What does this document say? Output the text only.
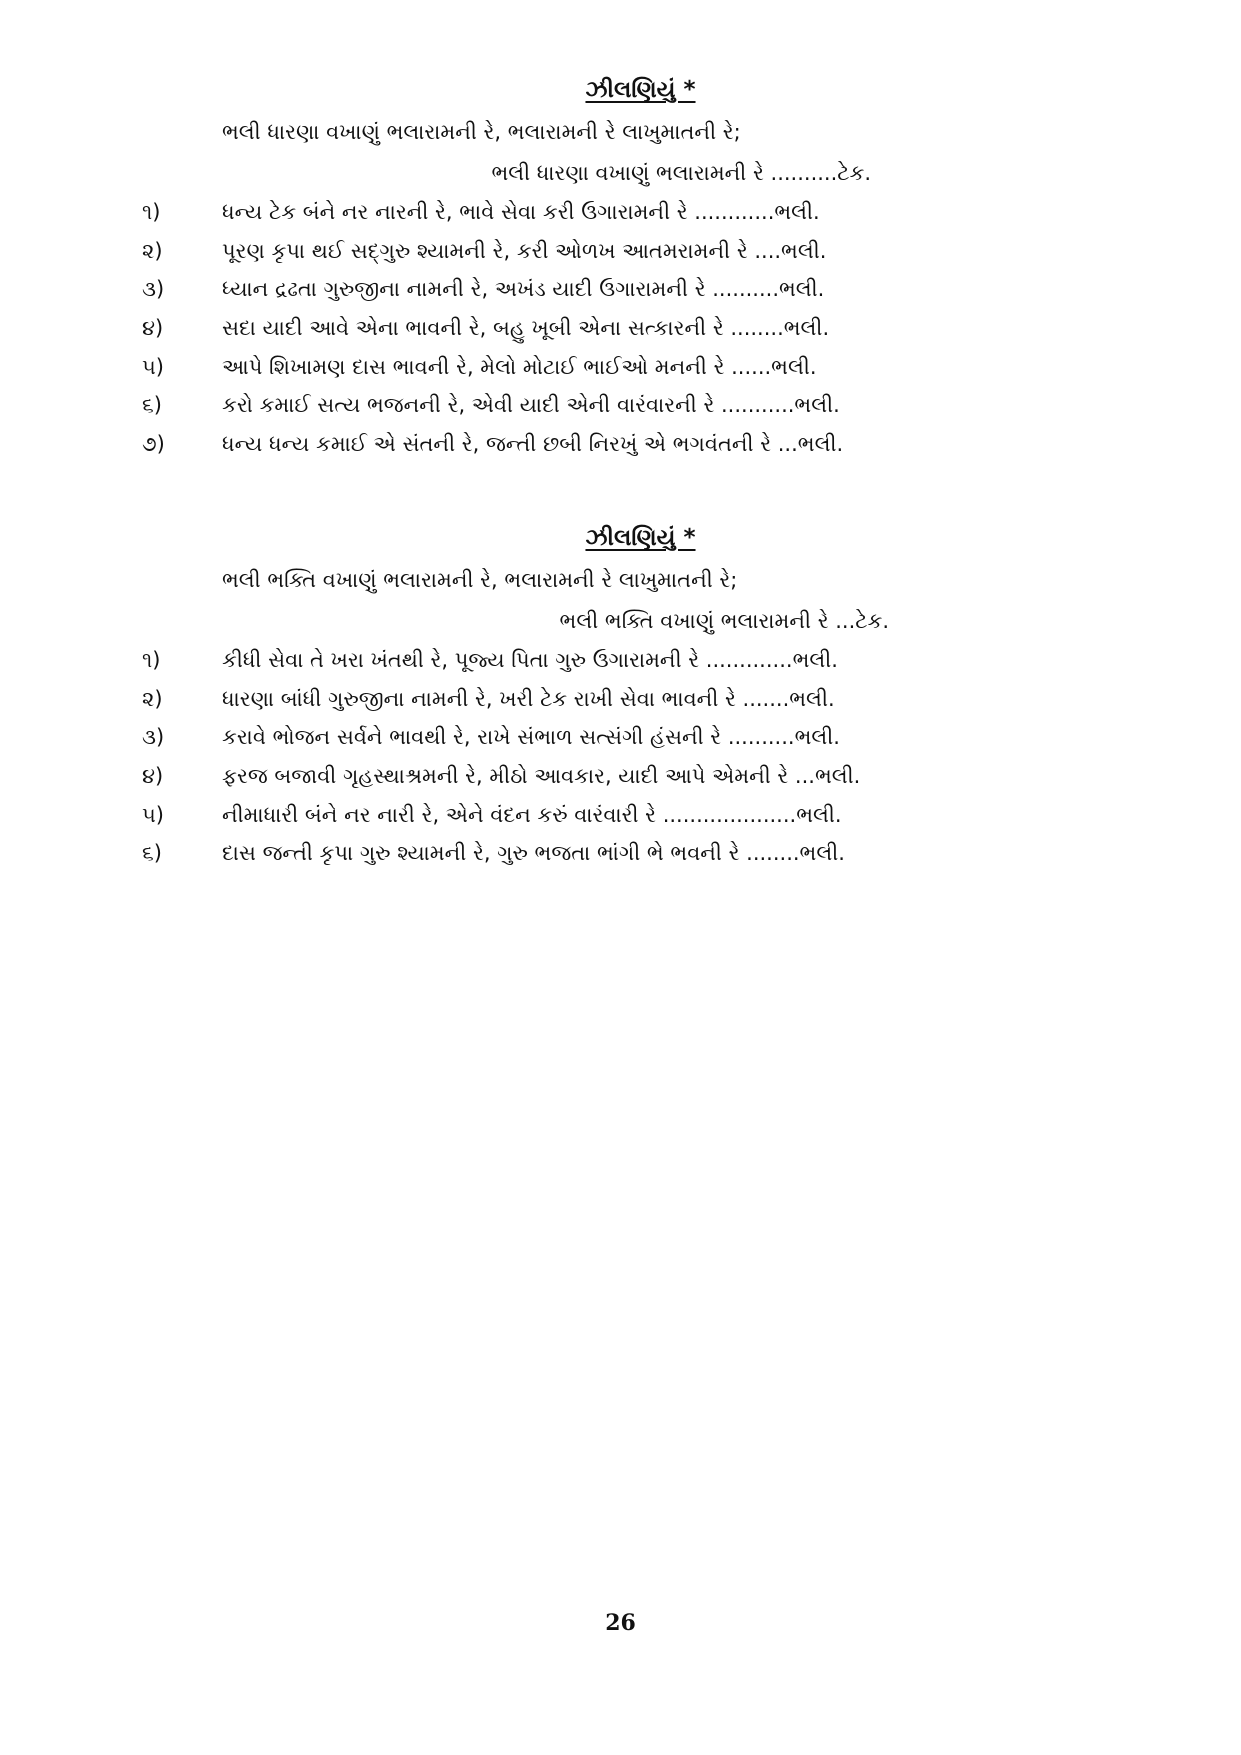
ઝીલણિયું *
ભલી ધારણા વખાણું ભલારામની રે, ભલારામની રે લાખુમાતની રે;
ભલી ધારણા વખાણું ભલારામની રે ..........ટેક.
૧)	ધન્ય ટેક બંને નર નારની રે, ભાવે સેવા કરી ઉગારામની રે ............ભલી.
૨)	પૂરણ કૃપા થઈ સદ્‌ગુરુ શ્યામની રે, કરી ઓળખ આતમરામની રે ....ભલી.
૩)	ધ્યાન દ્રઢતા ગુરુજીના નામની રે, અખંડ યાદી ઉગારામની રે ..........ભલી.
૪)	સદા યાદી આવે એના ભાવની રે, બહુ ખૂબી એના સત્કારની રે ........ભલી.
૫)	આપે શિખામણ દાસ ભાવની રે, મેલો મોટાઈ ભાઈઓ મનની રે ......ભલી.
૬)	કરો કમાઈ સત્ય ભજનની રે, એવી યાદી એની વારંવારની રે ...........ભલી.
૭)	ધન્ય ધન્ય કમાઈ એ સંતની રે, જન્તી છબી નિરખું એ ભગવંતની રે ...ભલી.
ઝીલણિયું *
ભલી ભક્તિ વખાણું ભલારામની રે, ભલારામની રે લાખુમાતની રે;
ભલી ભક્તિ વખાણું ભલારામની રે ...ટેક.
૧)	કીધી સેવા તે ખરા ખંતથી રે, પૂજ્ય પિતા ગુરુ ઉગારામની રે .............ભલી.
૨)	ધારણા બાંધી ગુરુજીના નામની રે, ખરી ટેક રાખી સેવા ભાવની રે .......ભલી.
૩)	કરાવે ભોજન સર્વને ભાવથી રે, રાખે સંભાળ સત્સંગી હંસની રે ..........ભલી.
૪)	ફરજ બજાવી ગૃહસ્થાશ્રમની રે, મીઠો આવકાર, યાદી આપે એમની રે ...ભલી.
૫)	નીમાધારી બંને નર નારી રે, એને વંદન કરું વારંવારી રે ....................ભલી.
૬)	દાસ જન્તી કૃપા ગુરુ શ્યામની રે, ગુરુ ભજતા ભાંગી ભે ભવની રે ........ભલી.
26
